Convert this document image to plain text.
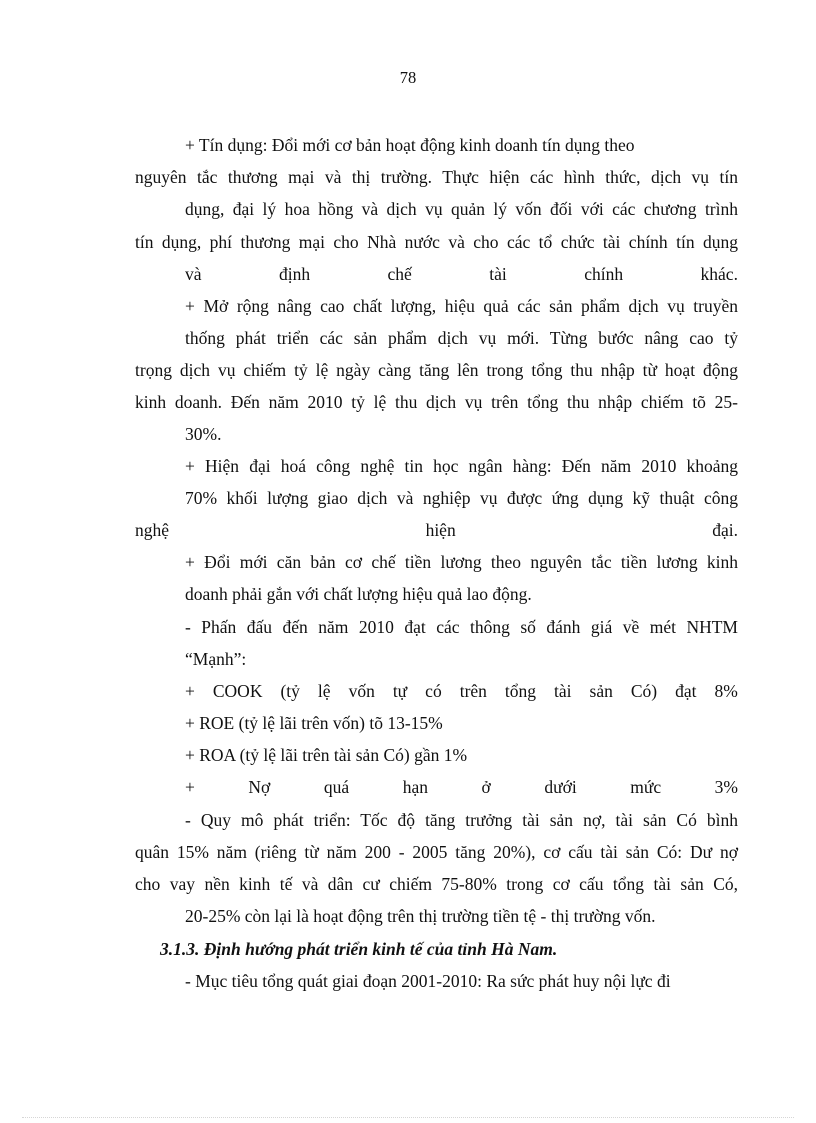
78
+ Tín dụng: Đổi mới cơ bản hoạt động kinh doanh tín dụng theo
nguyên tắc thương mại và thị trường. Thực hiện các hình thức, dịch vụ tín
dụng, đại lý hoa hồng và dịch vụ quản lý vốn đối với các chương trình
tín dụng, phí thương mại cho Nhà nước và cho các tổ chức tài chính tín dụng
và	định	chế	tài	chính	khác.
+ Mở rộng nâng cao chất lượng, hiệu quả các sản phẩm dịch vụ truyền
thống phát triển các sản phẩm dịch vụ mới. Từng bước nâng cao tỷ
trọng dịch vụ chiếm tỷ lệ ngày càng tăng lên trong tổng thu nhập từ hoạt động
kinh doanh. Đến năm 2010 tỷ lệ thu dịch vụ trên tổng thu nhập chiếm tõ 25-
30%.
+ Hiện đại hoá công nghệ tin học ngân hàng: Đến năm 2010 khoảng
70% khối lượng giao dịch và nghiệp vụ được ứng dụng kỹ thuật công
nghệ	hiện	đại.
+ Đổi mới căn bản cơ chế tiền lương theo nguyên tắc tiền lương kinh
doanh phải gắn với chất lượng hiệu quả lao động.
- Phấn đấu đến năm 2010 đạt các thông số đánh giá về mét NHTM
“Mạnh”:
+ COOK (tỷ lệ vốn tự có trên tổng tài sản Có) đạt 8%
+ ROE (tỷ lệ lãi trên vốn) tõ 13-15%
+ ROA (tỷ lệ lãi trên tài sản Có) gần 1%
+	Nợ	quá	hạn	ở	dưới	mức	3%
- Quy mô phát triển: Tốc độ tăng trưởng tài sản nợ, tài sản Có bình
quân 15% năm (riêng từ năm 200 - 2005 tăng 20%), cơ cấu tài sản Có: Dư nợ
cho vay nền kinh tế và dân cư chiếm 75-80% trong cơ cấu tổng tài sản Có,
20-25% còn lại là hoạt động trên thị trường tiền tệ - thị trường vốn.
3.1.3. Định hướng phát triển kinh tế của tỉnh Hà Nam.
- Mục tiêu tổng quát giai đoạn 2001-2010: Ra sức phát huy nội lực đi
